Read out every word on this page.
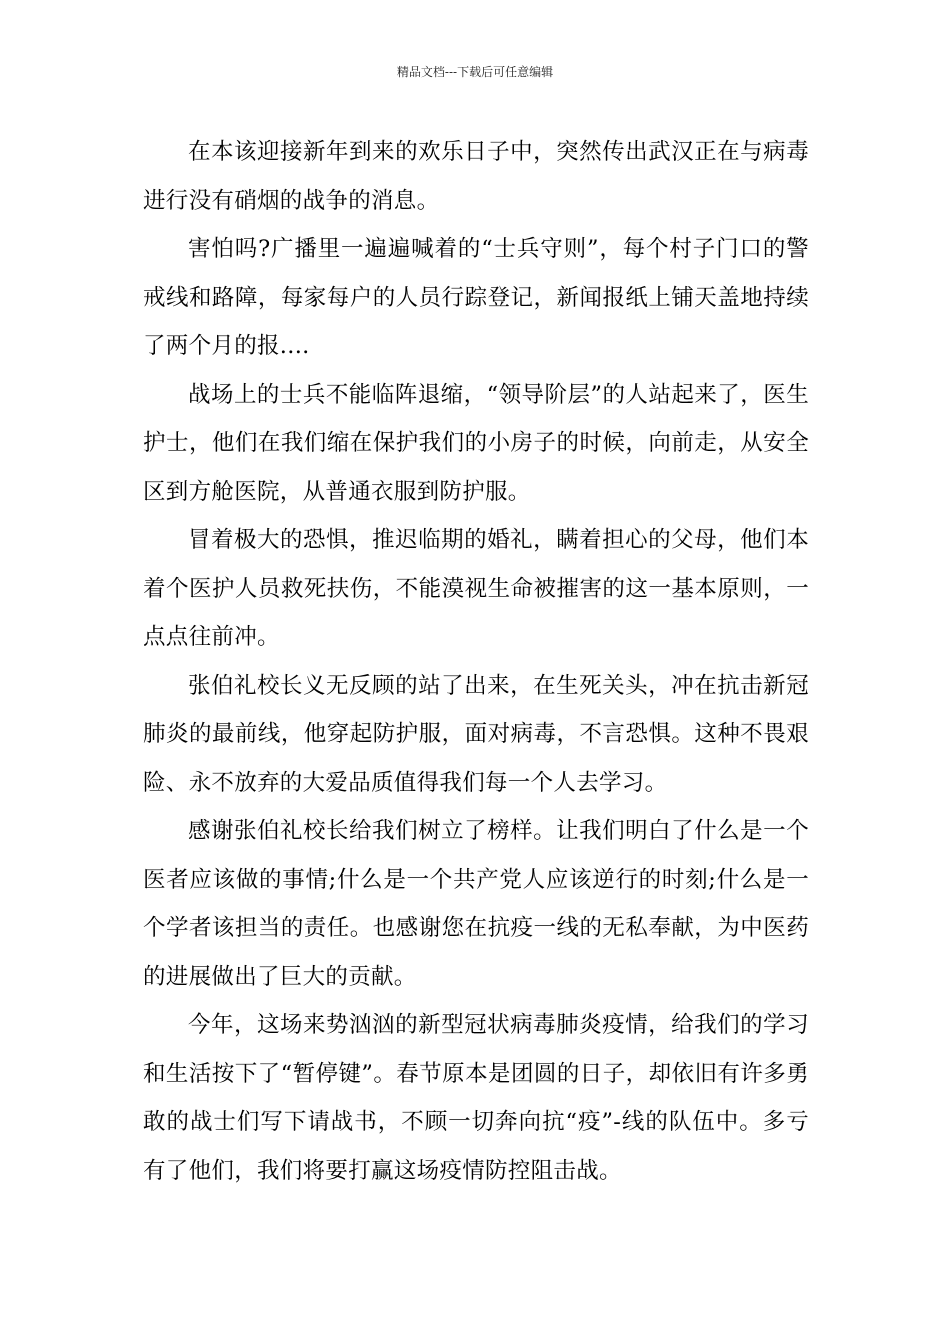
精品文档---下载后可任意编辑

在本该迎接新年到来的欢乐日子中，突然传出武汉正在与病毒进行没有硝烟的战争的消息。

害怕吗?广播里一遍遍喊着的“士兵守则”，每个村子门口的警戒线和路障，每家每户的人员行踪登记，新闻报纸上铺天盖地持续了两个月的报....

战场上的士兵不能临阵退缩，“领导阶层”的人站起来了，医生护士，他们在我们缩在保护我们的小房子的时候，向前走，从安全区到方舱医院，从普通衣服到防护服。

冒着极大的恐惧，推迟临期的婚礼，瞒着担心的父母，他们本着个医护人员救死扶伤，不能漠视生命被摧害的这一基本原则，一点点往前冲。

张伯礼校长义无反顾的站了出来，在生死关头，冲在抗击新冠肺炎的最前线，他穿起防护服，面对病毒，不言恐惧。这种不畏艰险、永不放弃的大爱品质值得我们每一个人去学习。

感谢张伯礼校长给我们树立了榜样。让我们明白了什么是一个医者应该做的事情;什么是一个共产党人应该逆行的时刻;什么是一个学者该担当的责任。也感谢您在抗疫一线的无私奉献，为中医药的进展做出了巨大的贡献。

今年，这场来势汹汹的新型冠状病毒肺炎疫情，给我们的学习和生活按下了“暂停键”。春节原本是团圆的日子，却依旧有许多勇敢的战士们写下请战书，不顾一切奔向抗“疫”-线的队伍中。多亏有了他们，我们将要打赢这场疫情防控阻击战。
